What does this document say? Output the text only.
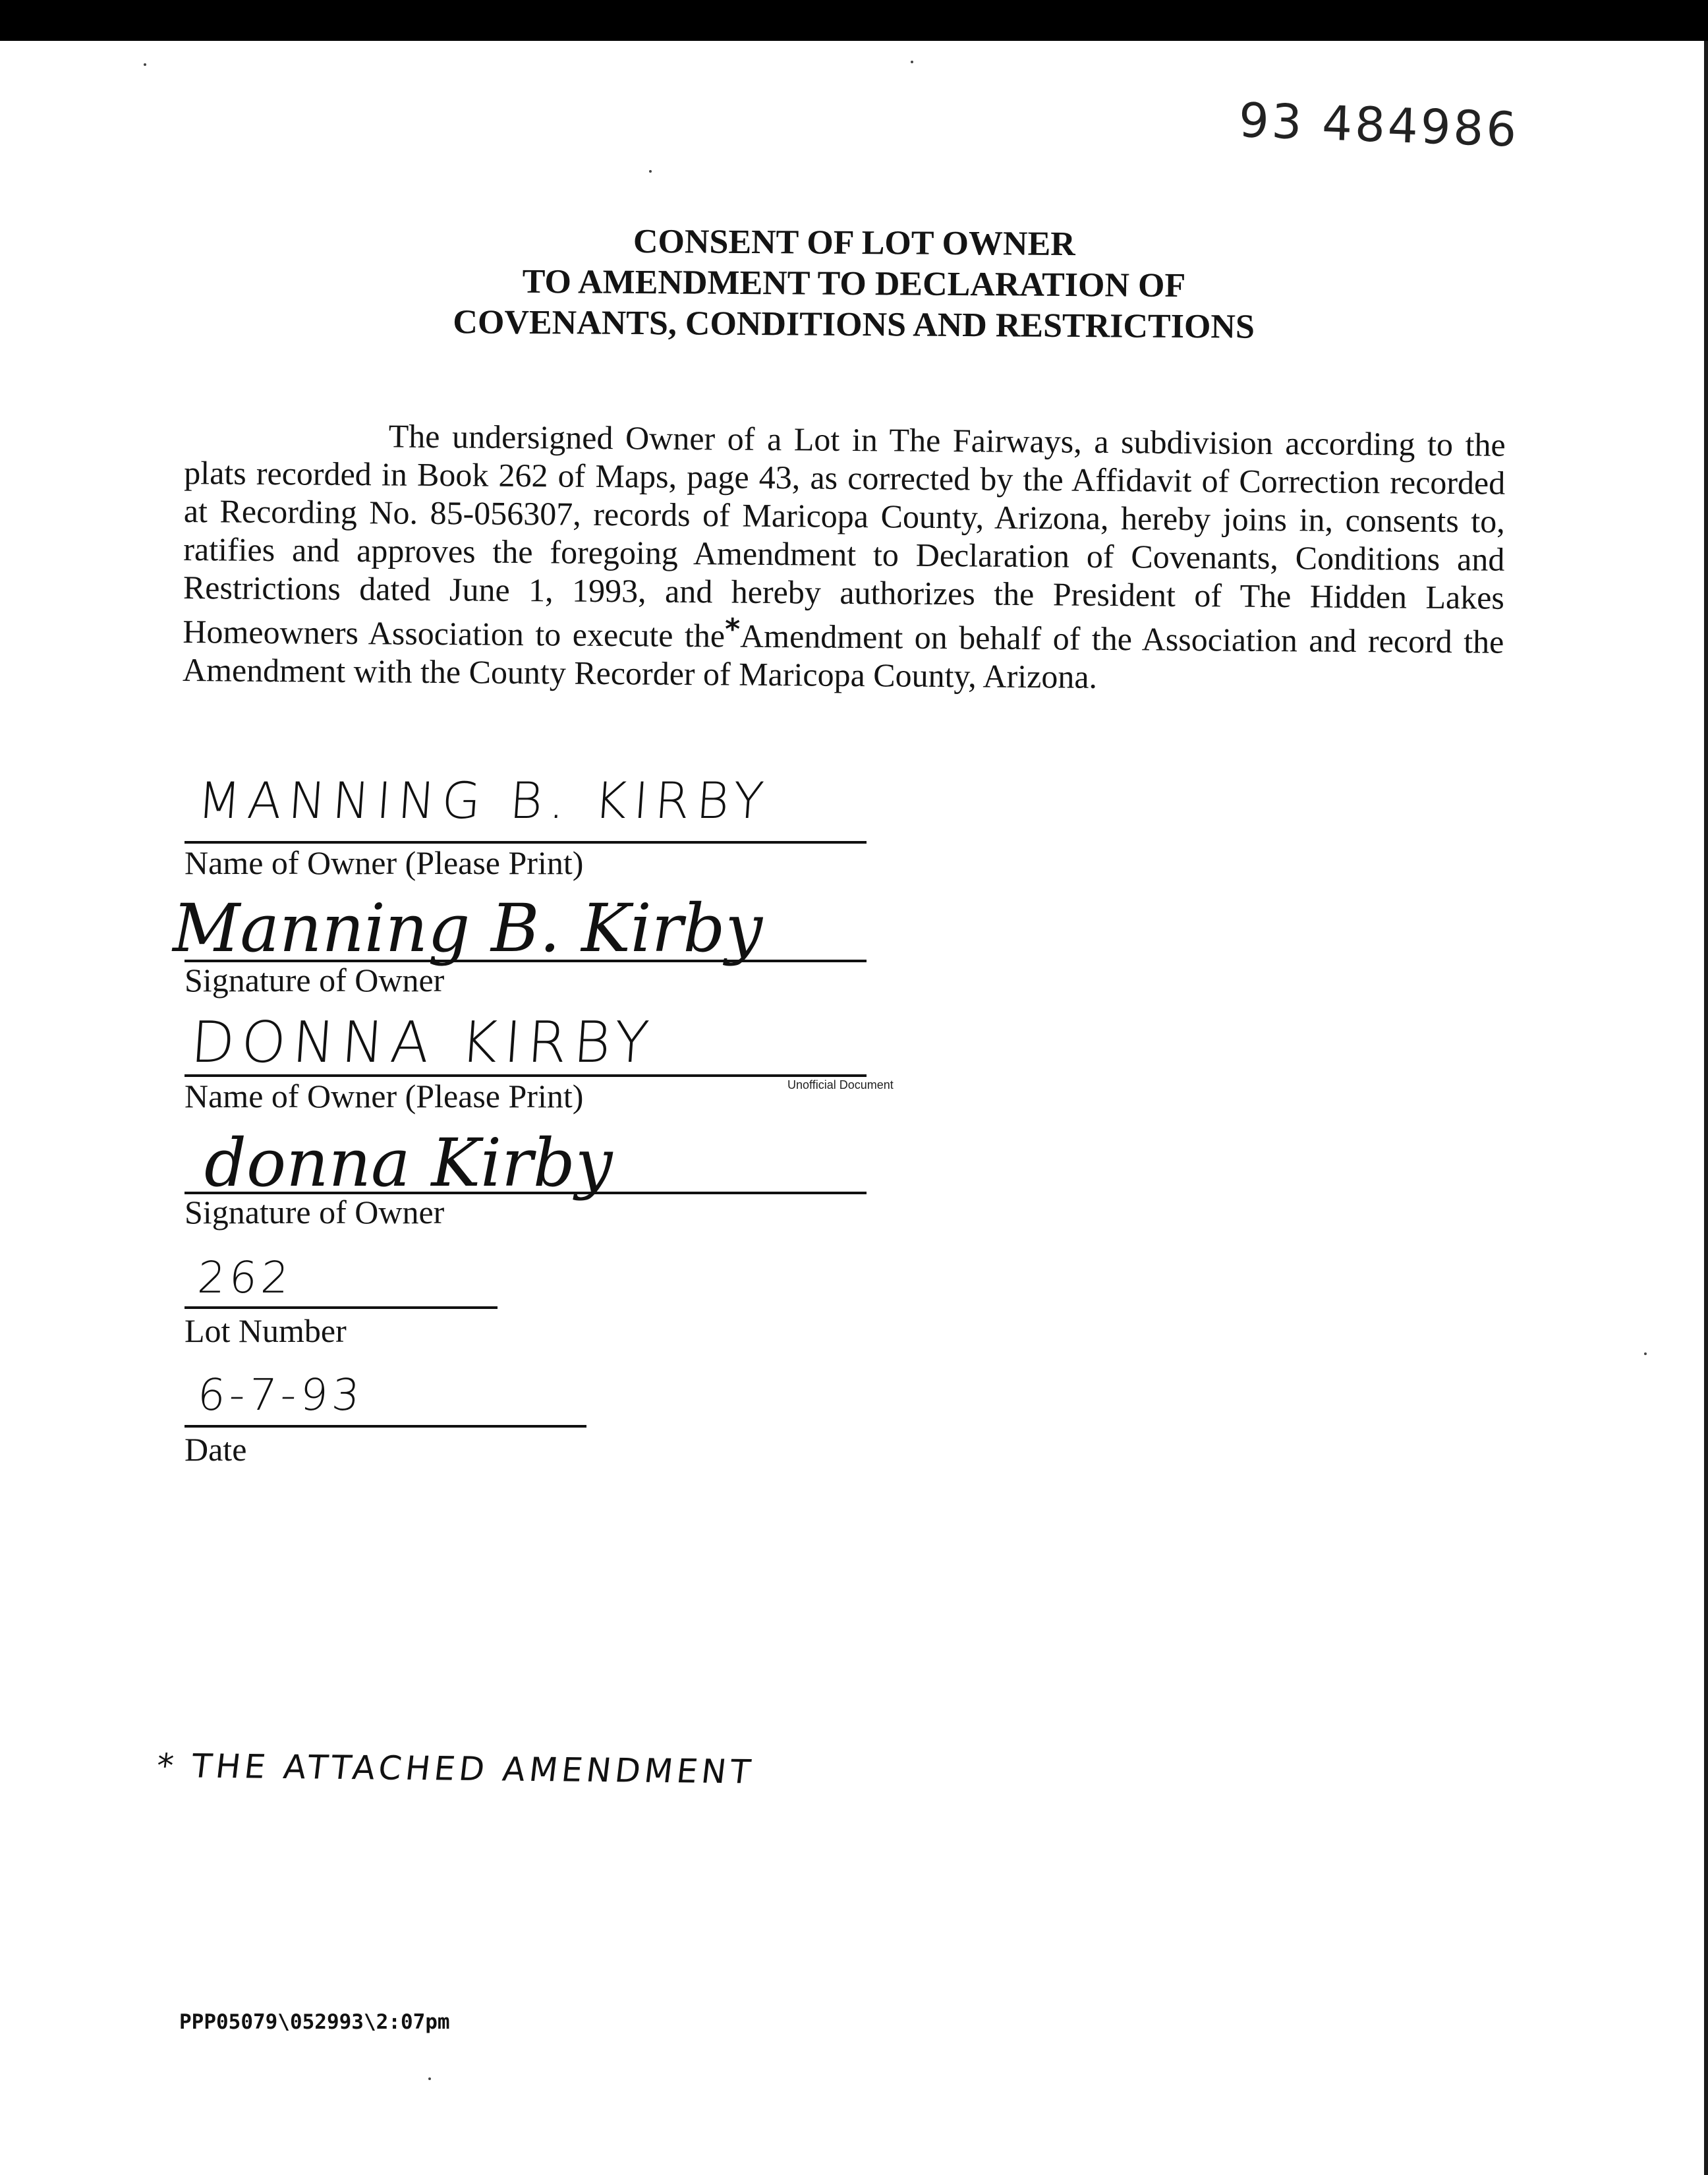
93 484986
CONSENT OF LOT OWNER
TO AMENDMENT TO DECLARATION OF
COVENANTS, CONDITIONS AND RESTRICTIONS
The undersigned Owner of a Lot in The Fairways, a subdivision according to the plats recorded in Book 262 of Maps, page 43, as corrected by the Affidavit of Correction recorded at Recording No. 85-056307, records of Maricopa County, Arizona, hereby joins in, consents to, ratifies and approves the foregoing Amendment to Declaration of Covenants, Conditions and Restrictions dated June 1, 1993, and hereby authorizes the President of The Hidden Lakes Homeowners Association to execute the*Amendment on behalf of the Association and record the Amendment with the County Recorder of Maricopa County, Arizona.
MANNING B. KIRBY
Name of Owner (Please Print)
Manning B. Kirby
Signature of Owner
DONNA KIRBY
Name of Owner (Please Print)	Unofficial Document
donna Kirby
Signature of Owner
262
Lot Number
6-7-93
Date
* THE ATTACHED AMENDMENT
PPP05079\052993\2:07pm
